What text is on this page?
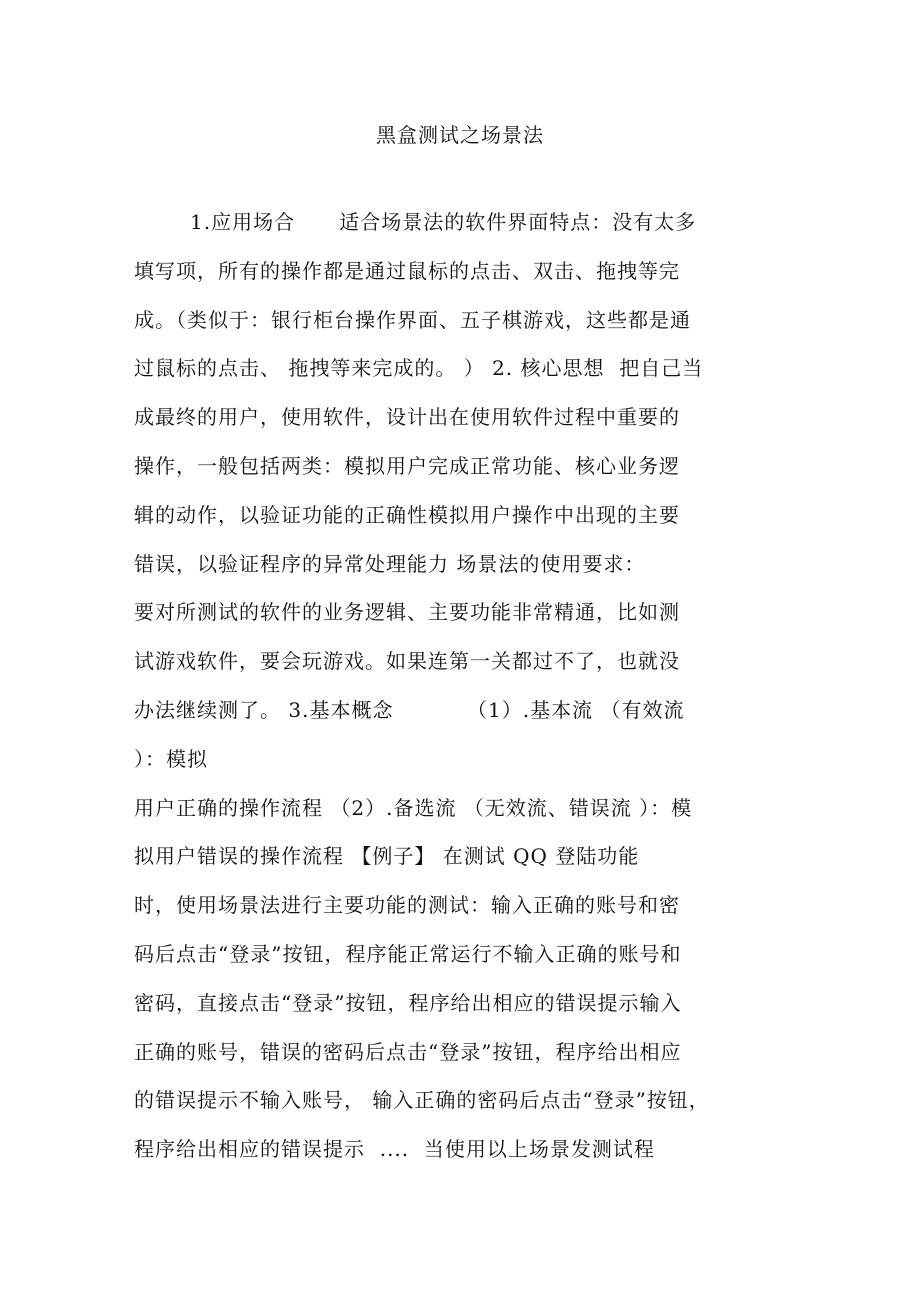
黑盒测试之场景法
1.应用场合      适合场景法的软件界面特点：没有太多
填写项，所有的操作都是通过鼠标的点击、双击、拖拽等完
成。（类似于：银行柜台操作界面、五子棋游戏，这些都是通
过鼠标的点击、 拖拽等来完成的。 ） 2. 核心思想  把自己当
成最终的用户，使用软件，设计出在使用软件过程中重要的
操作，一般包括两类：模拟用户完成正常功能、核心业务逻
辑的动作，以验证功能的正确性模拟用户操作中出现的主要
错误，以验证程序的异常处理能力 场景法的使用要求：
要对所测试的软件的业务逻辑、主要功能非常精通，比如测
试游戏软件，要会玩游戏。如果连第一关都过不了，也就没
办法继续测了。 3.基本概念          （1）.基本流 （有效流
）：模拟
用户正确的操作流程 （2）.备选流 （无效流、错误流 ）：模
拟用户错误的操作流程 【例子】 在测试 QQ 登陆功能
时，使用场景法进行主要功能的测试：输入正确的账号和密
码后点击“登录”按钮，程序能正常运行不输入正确的账号和
密码，直接点击“登录”按钮，程序给出相应的错误提示输入
正确的账号，错误的密码后点击“登录”按钮，程序给出相应
的错误提示不输入账号， 输入正确的密码后点击“登录”按钮，
程序给出相应的错误提示  ....  当使用以上场景发测试程
